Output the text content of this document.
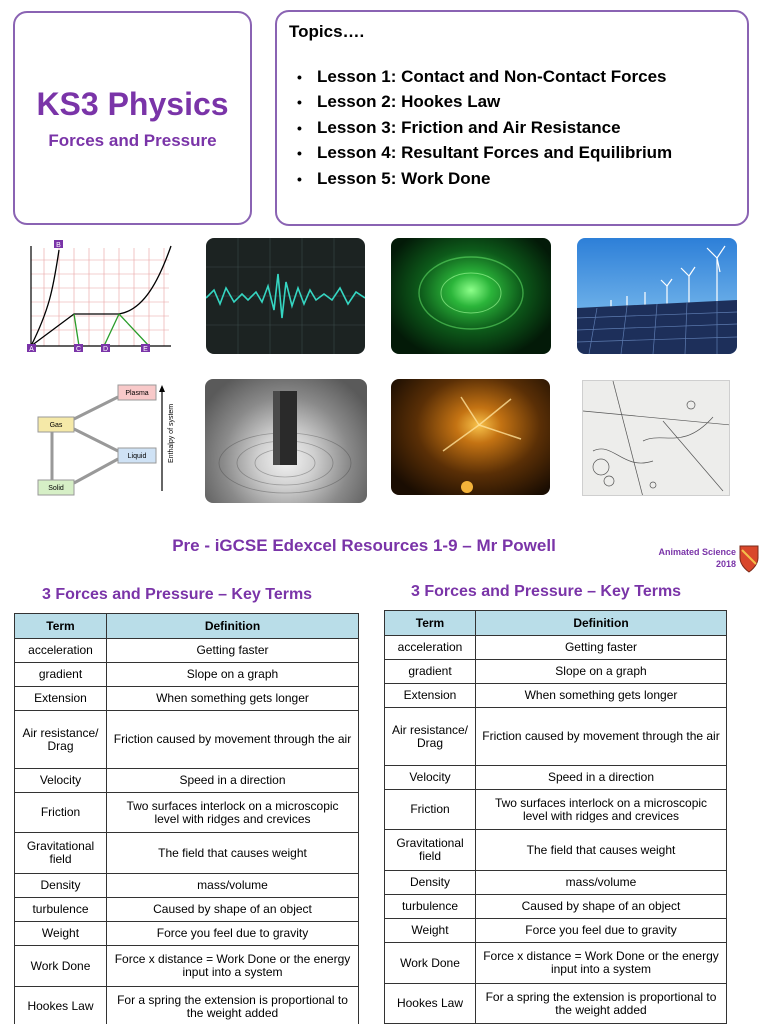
KS3 Physics
Forces and Pressure
Topics….
• Lesson 1: Contact and Non-Contact Forces
• Lesson 2: Hookes Law
• Lesson 3: Friction and Air Resistance
• Lesson 4: Resultant Forces and Equilibrium
• Lesson 5: Work Done
B
A	C	D	E
Plasma
Gas
Liquid
Solid
Enthalpy of system
Pre - iGCSE Edexcel Resources 1-9 – Mr Powell	Animated Science
2018
3 Forces and Pressure – Key Terms
Term	Definition
acceleration	Getting faster
gradient	Slope on a graph
Extension	When something gets longer
Air resistance/ Drag	Friction caused by movement through the air
Velocity	Speed in a direction
Friction	Two surfaces interlock on a microscopic level with ridges and crevices
Gravitational field	The field that causes weight
Density	mass/volume
turbulence	Caused by shape of an object
Weight	Force you feel due to gravity
Work Done	Force x distance = Work Done or the energy input into a system
Hookes Law	For a spring the extension is proportional to the weight added
3 Forces and Pressure – Key Terms
Term	Definition
acceleration	Getting faster
gradient	Slope on a graph
Extension	When something gets longer
Air resistance/ Drag	Friction caused by movement through the air
Velocity	Speed in a direction
Friction	Two surfaces interlock on a microscopic level with ridges and crevices
Gravitational field	The field that causes weight
Density	mass/volume
turbulence	Caused by shape of an object
Weight	Force you feel due to gravity
Work Done	Force x distance = Work Done or the energy input into a system
Hookes Law	For a spring the extension is proportional to the weight added
